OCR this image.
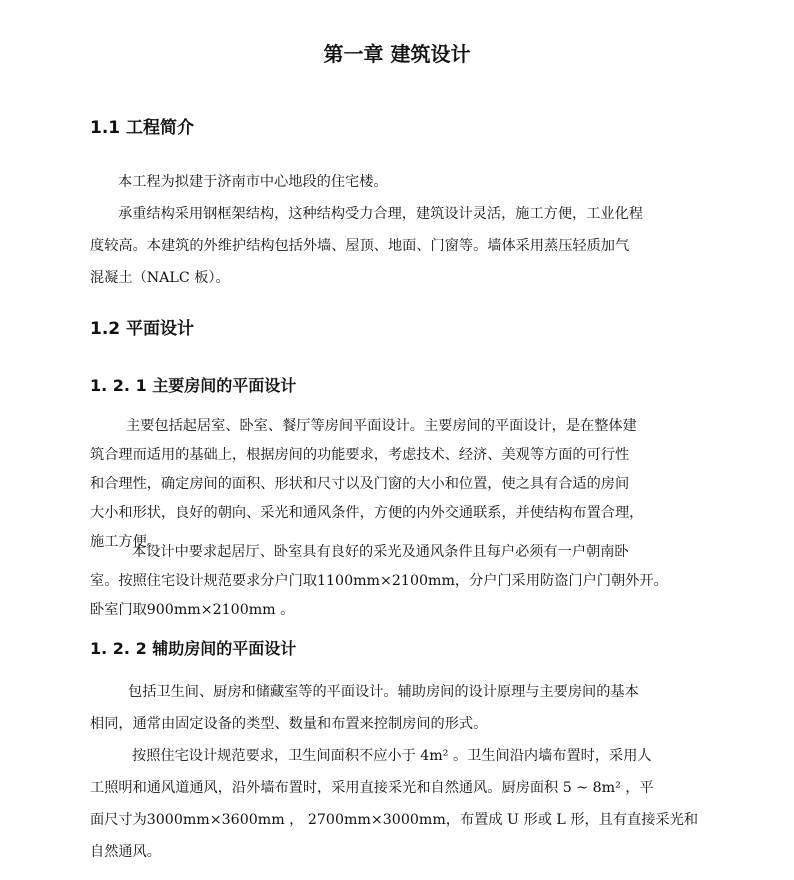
第一章 建筑设计
1.1 工程简介

本工程为拟建于济南市中心地段的住宅楼。

承重结构采用钢框架结构，这种结构受力合理，建筑设计灵活，施工方便，工业化程
度较高。本建筑的外维护结构包括外墙、屋顶、地面、门窗等。墙体采用蒸压轻质加气
混凝土（NALC 板）。
1.2 平面设计
1. 2. 1 主要房间的平面设计
主要包括起居室、卧室、餐厅等房间平面设计。主要房间的平面设计，是在整体建
筑合理而适用的基础上，根据房间的功能要求，考虑技术、经济、美观等方面的可行性
和合理性，确定房间的面积、形状和尺寸以及门窗的大小和位置，使之具有合适的房间
大小和形状，良好的朝向、采光和通风条件，方便的内外交通联系，并使结构布置合理，
施工方便。
本设计中要求起居厅、卧室具有良好的采光及通风条件且每户必须有一户朝南卧
室。按照住宅设计规范要求分户门取1100mm×2100mm，分户门采用防盗门户门朝外开。
卧室门取900mm×2100mm 。
1. 2. 2 辅助房间的平面设计
包括卫生间、厨房和储藏室等的平面设计。辅助房间的设计原理与主要房间的基本
相同，通常由固定设备的类型、数量和布置来控制房间的形式。
按照住宅设计规范要求，卫生间面积不应小于 4m² 。卫生间沿内墙布置时，采用人
工照明和通风道通风，沿外墙布置时，采用直接采光和自然通风。厨房面积 5 ~ 8m² ，平
面尺寸为3000mm×3600mm ， 2700mm×3000mm，布置成 U 形或 L 形，且有直接采光和
自然通风。
